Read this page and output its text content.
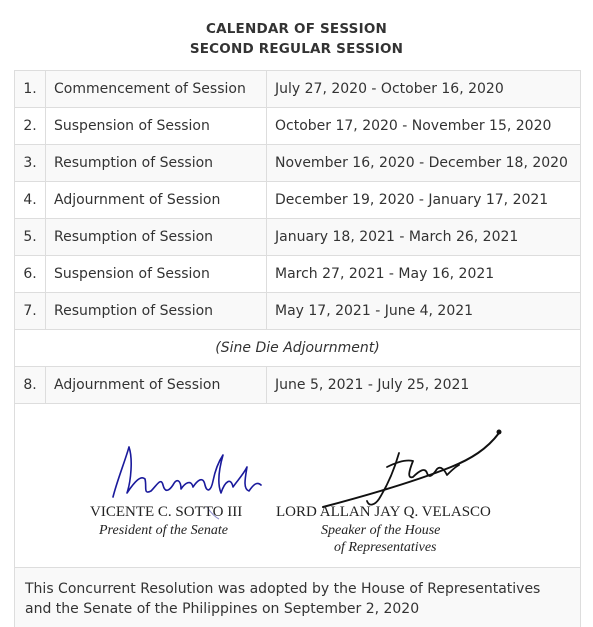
CALENDAR OF SESSION
SECOND REGULAR SESSION
1.	Commencement of Session	July 27, 2020 - October 16, 2020
2.	Suspension of Session	October 17, 2020 - November 15, 2020
3.	Resumption of Session	November 16, 2020 - December 18, 2020
4.	Adjournment of Session	December 19, 2020 - January 17, 2021
5.	Resumption of Session	January 18, 2021 - March 26, 2021
6.	Suspension of Session	March 27, 2021 - May 16, 2021
7.	Resumption of Session	May 17, 2021 - June 4, 2021
(Sine Die Adjournment)		
8.	Adjournment of Session	June 5, 2021 - July 25, 2021
VICENTE C. SOTTO III
President of the Senate
LORD ALLAN JAY Q. VELASCO
Speaker of the House
of Representatives
This Concurrent Resolution was adopted by the House of Representatives
and the Senate of the Philippines on September 2, 2020
